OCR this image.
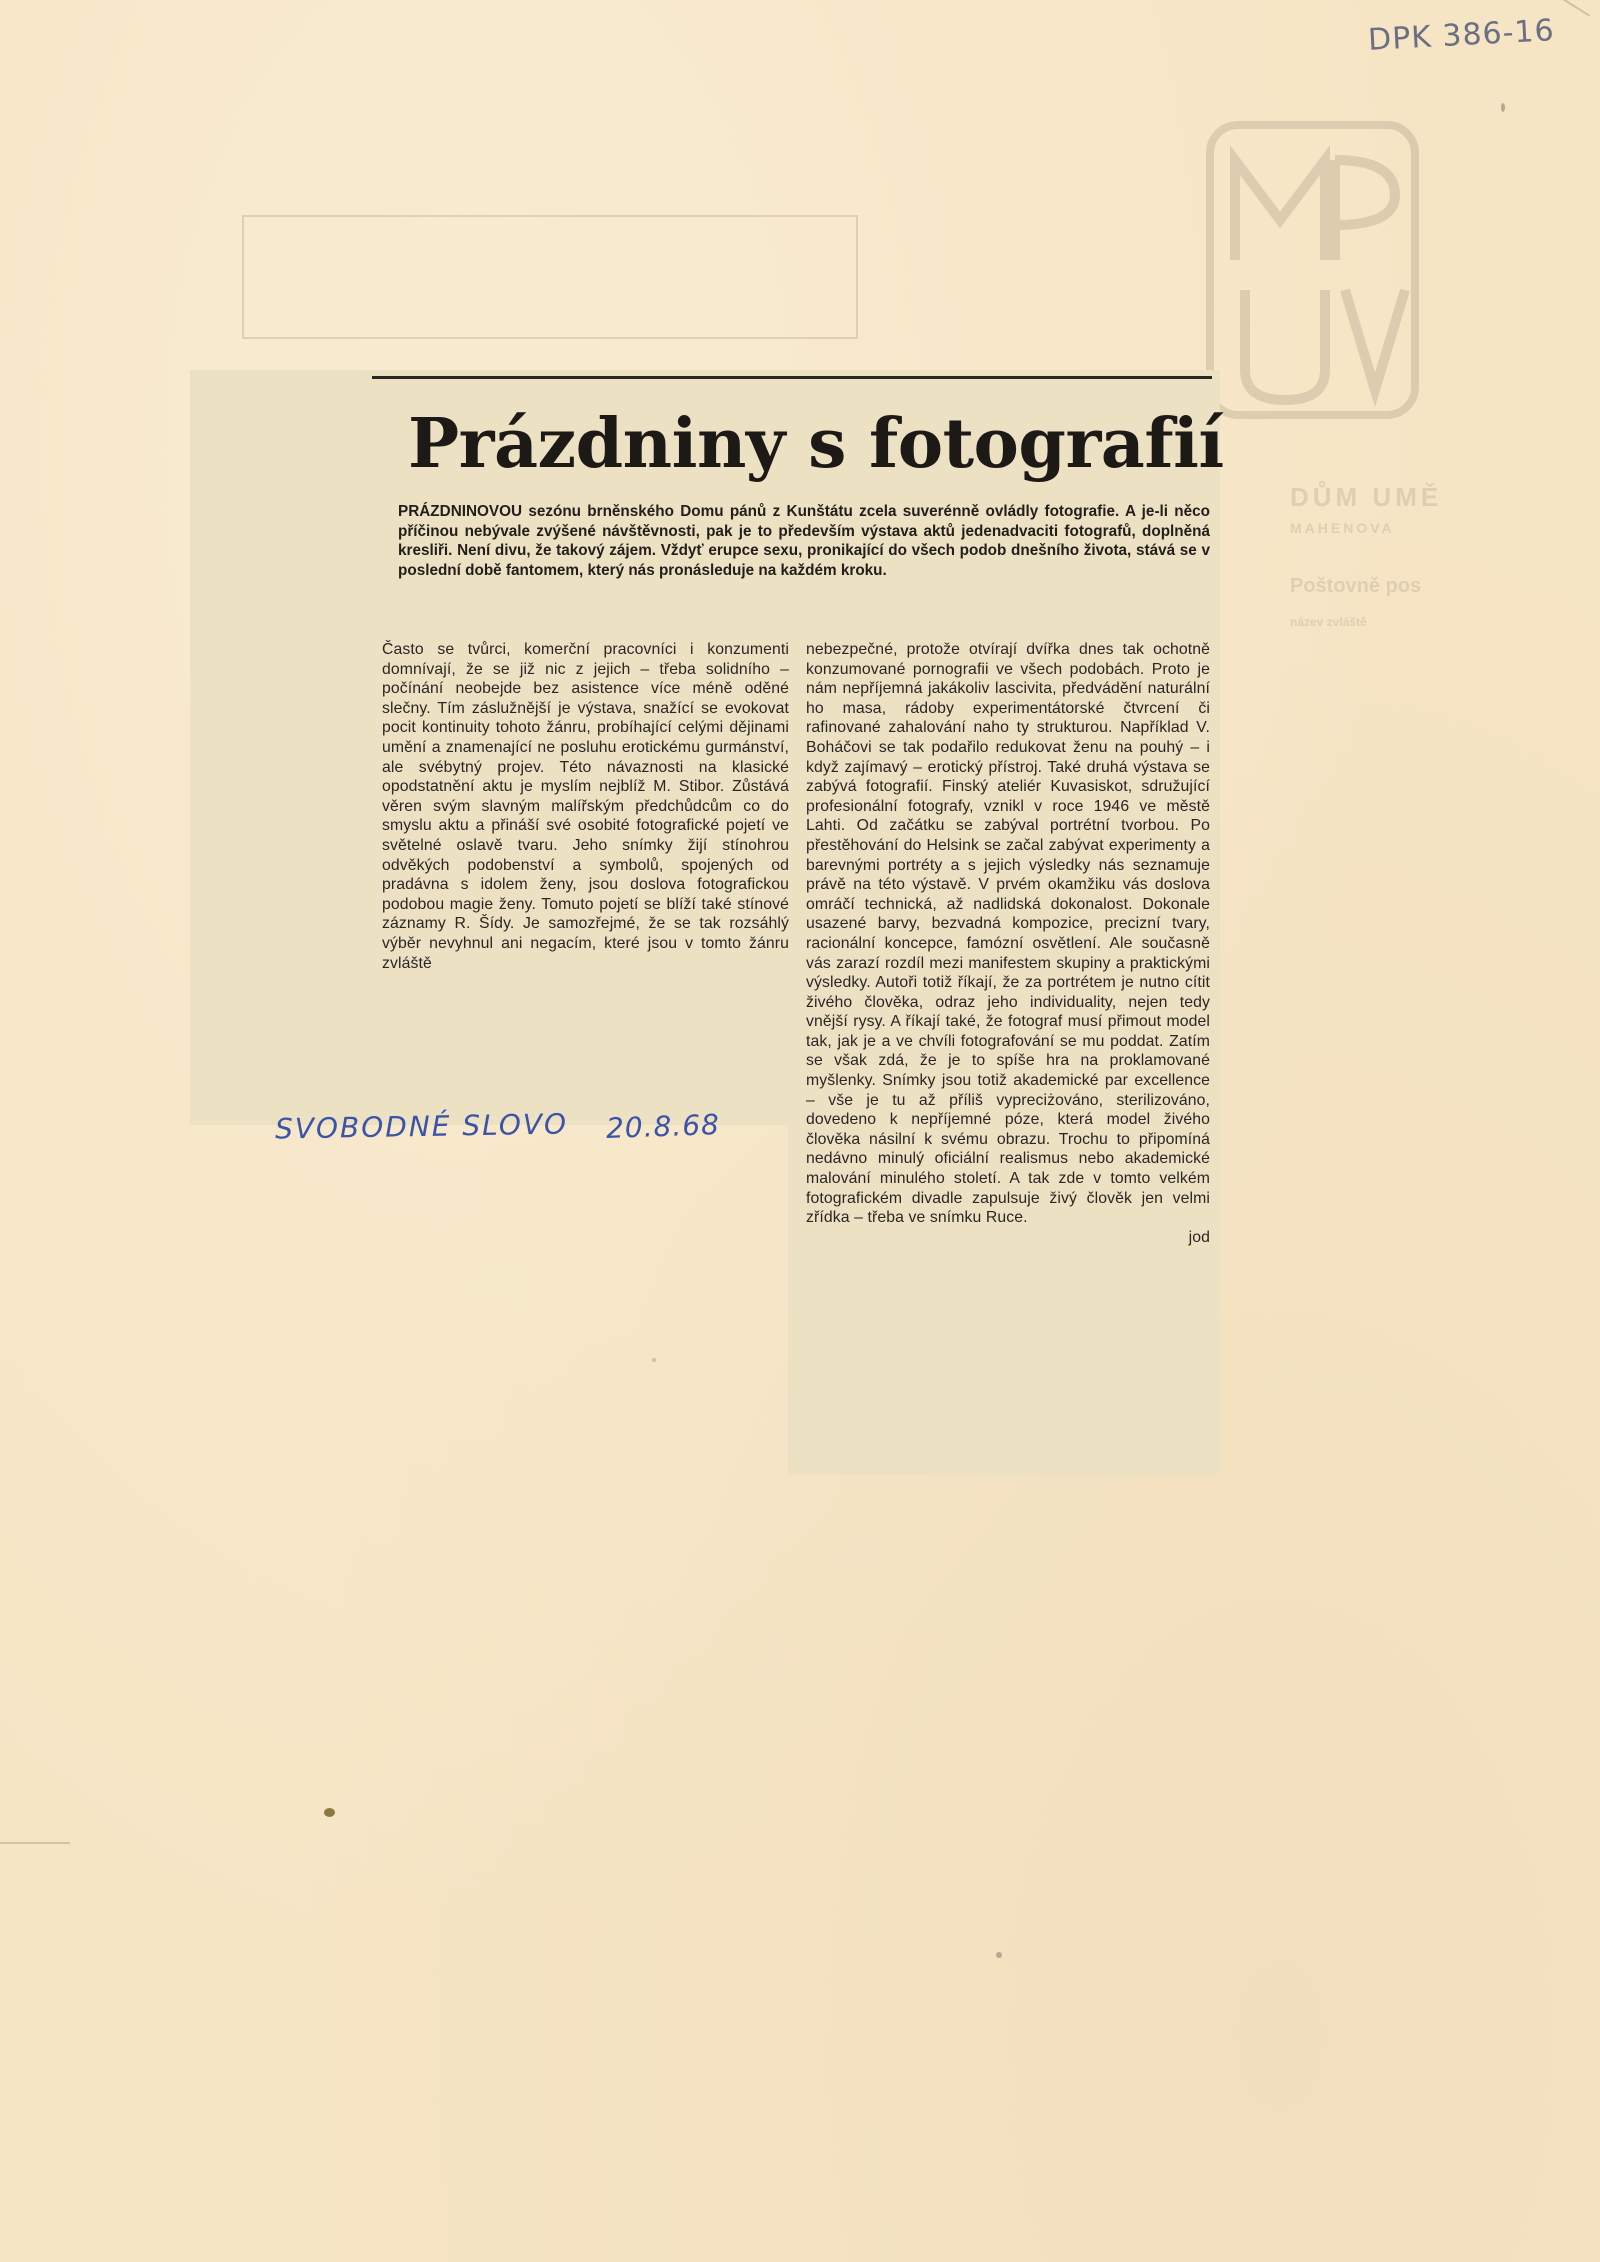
DPK 386-16
DŮM UMĚ
MAHENOVA
Poštovně pos
název zvláště
Prázdniny s fotografií

PRÁZDNINOVOU sezónu brněnského Domu pánů z Kunštátu zcela suverénně ovládly fotografie. A je-li něco příčinou nebývale zvýšené návštěvnosti, pak je to především výstava aktů jedenadvaciti fotografů, doplněná kresliři. Není divu, že takový zájem. Vždyť erupce sexu, pronikající do všech podob dnešního života, stává se v poslední době fantomem, který nás pronásleduje na každém kroku.

Často se tvůrci, komerční pracovníci i konzumenti domnívají, že se již nic z jejich – třeba solidního – počínání neobejde bez asistence více méně oděné slečny. Tím záslužnější je výstava, snažící se evokovat pocit kontinuity tohoto žánru, probíhající celými dějinami umění a znamenající ne posluhu erotickému gurmánství, ale svébytný projev. Této návaznosti na klasické opodstatnění aktu je myslím nejblíž M. Stibor. Zůstává věren svým slavným malířským předchůdcům co do smyslu aktu a přináší své osobité fotografické pojetí ve světelné oslavě tvaru. Jeho snímky žijí stínohrou odvěkých podobenství a symbolů, spojených od pradávna s idolem ženy, jsou doslova fotografickou podobou magie ženy. Tomuto pojetí se blíží také stínové záznamy R. Šídy. Je samozřejmé, že se tak rozsáhlý výběr nevyhnul ani negacím, které jsou v tomto žánru zvláště

nebezpečné, protože otvírají dvířka dnes tak ochotně konzumované pornografii ve všech podobách. Proto je nám nepříjemná jakákoliv lascivita, předvádění naturální ho masa, rádoby experimentátorské čtvrcení či rafinované zahalování naho ty strukturou. Například V. Boháčovi se tak podařilo redukovat ženu na pouhý – i když zajímavý – erotický přístroj. Také druhá výstava se zabývá fotografií. Finský ateliér Kuvasiskot, sdružující profesionální fotografy, vznikl v roce 1946 ve městě Lahti. Od začátku se zabýval portrétní tvorbou. Po přestěhování do Helsink se začal zabývat experimenty a barevnými portréty a s jejich výsledky nás seznamuje právě na této výstavě. V prvém okamžiku vás doslova omráčí technická, až nadlidská dokonalost. Dokonale usazené barvy, bezvadná kompozice, precizní tvary, racionální koncepce, famózní osvětlení. Ale současně vás zarazí rozdíl mezi manifestem skupiny a praktickými výsledky. Autoři totiž říkají, že za portrétem je nutno cítit živého člověka, odraz jeho individuality, nejen tedy vnější rysy. A říkají také, že fotograf musí přimout model tak, jak je a ve chvíli fotografování se mu poddat. Zatím se však zdá, že je to spíše hra na proklamované myšlenky. Snímky jsou totiž akademické par excellence – vše je tu až příliš vypreciżováno, sterilizováno, dovedeno k nepříjemné póze, která model živého člověka násilní k svému obrazu. Trochu to připomíná nedávno minulý oficiální realismus nebo akademické malování minulého století. A tak zde v tomto velkém fotografickém divadle zapulsuje živý člověk jen velmi zřídka – třeba ve snímku Ruce.
jod
SVOBODNÉ SLOVO 20.8.68
